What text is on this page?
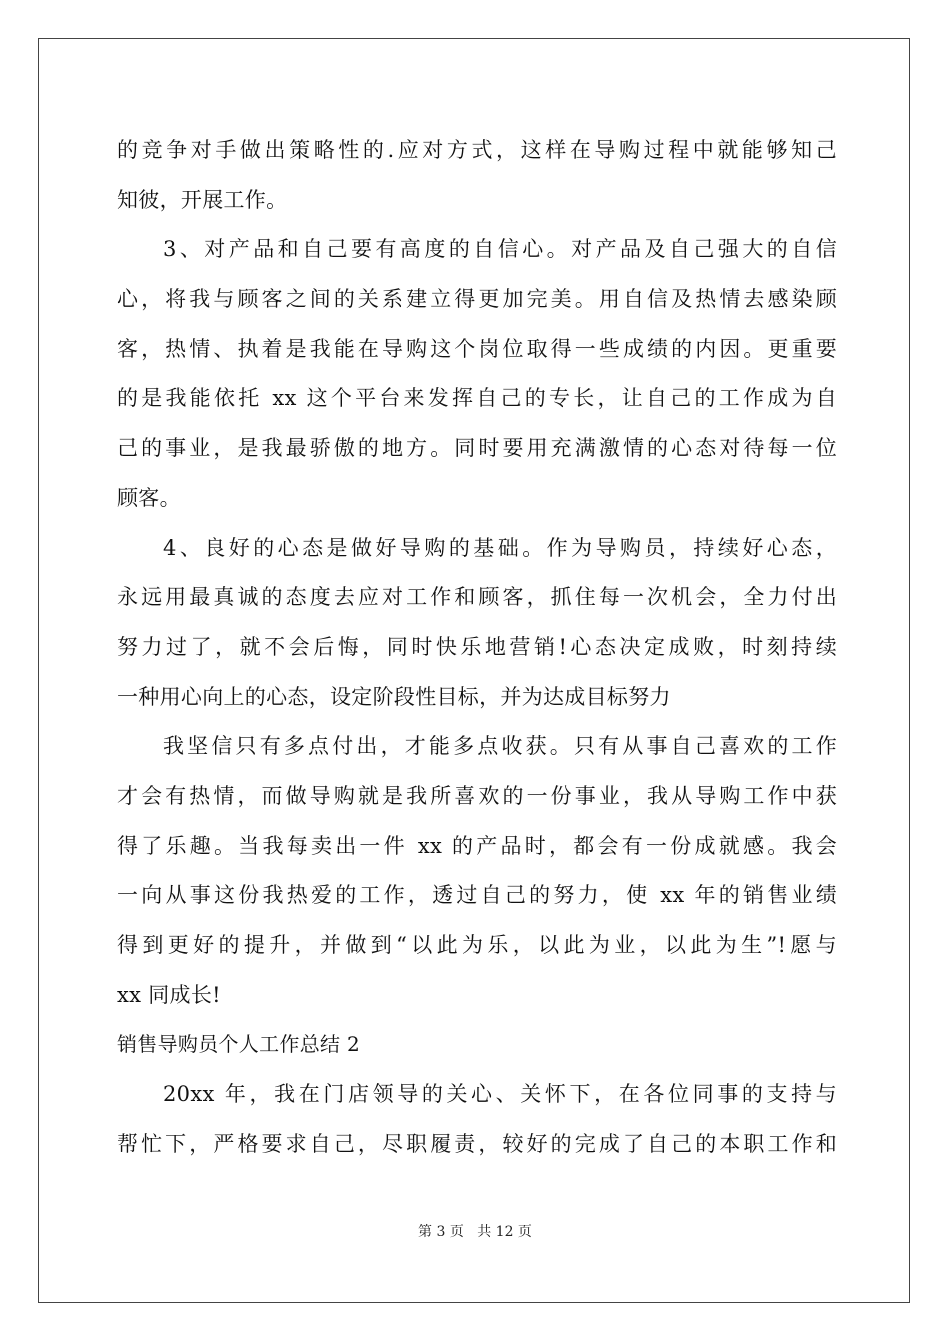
的竞争对手做出策略性的.应对方式，这样在导购过程中就能够知己
知彼，开展工作。
3、对产品和自己要有高度的自信心。对产品及自己强大的自信
心，将我与顾客之间的关系建立得更加完美。用自信及热情去感染顾
客，热情、执着是我能在导购这个岗位取得一些成绩的内因。更重要
的是我能依托 xx 这个平台来发挥自己的专长，让自己的工作成为自
己的事业，是我最骄傲的地方。同时要用充满激情的心态对待每一位
顾客。
4、良好的心态是做好导购的基础。作为导购员，持续好心态，
永远用最真诚的态度去应对工作和顾客，抓住每一次机会，全力付出
努力过了，就不会后悔，同时快乐地营销!心态决定成败，时刻持续
一种用心向上的心态，设定阶段性目标，并为达成目标努力
我坚信只有多点付出，才能多点收获。只有从事自己喜欢的工作
才会有热情，而做导购就是我所喜欢的一份事业，我从导购工作中获
得了乐趣。当我每卖出一件 xx 的产品时，都会有一份成就感。我会
一向从事这份我热爱的工作，透过自己的努力，使 xx 年的销售业绩
得到更好的提升，并做到“以此为乐，以此为业，以此为生”!愿与
xx 同成长!
销售导购员个人工作总结 2
20xx 年，我在门店领导的关心、关怀下，在各位同事的支持与
帮忙下，严格要求自己，尽职履责，较好的完成了自己的本职工作和
第 3 页 共 12 页
